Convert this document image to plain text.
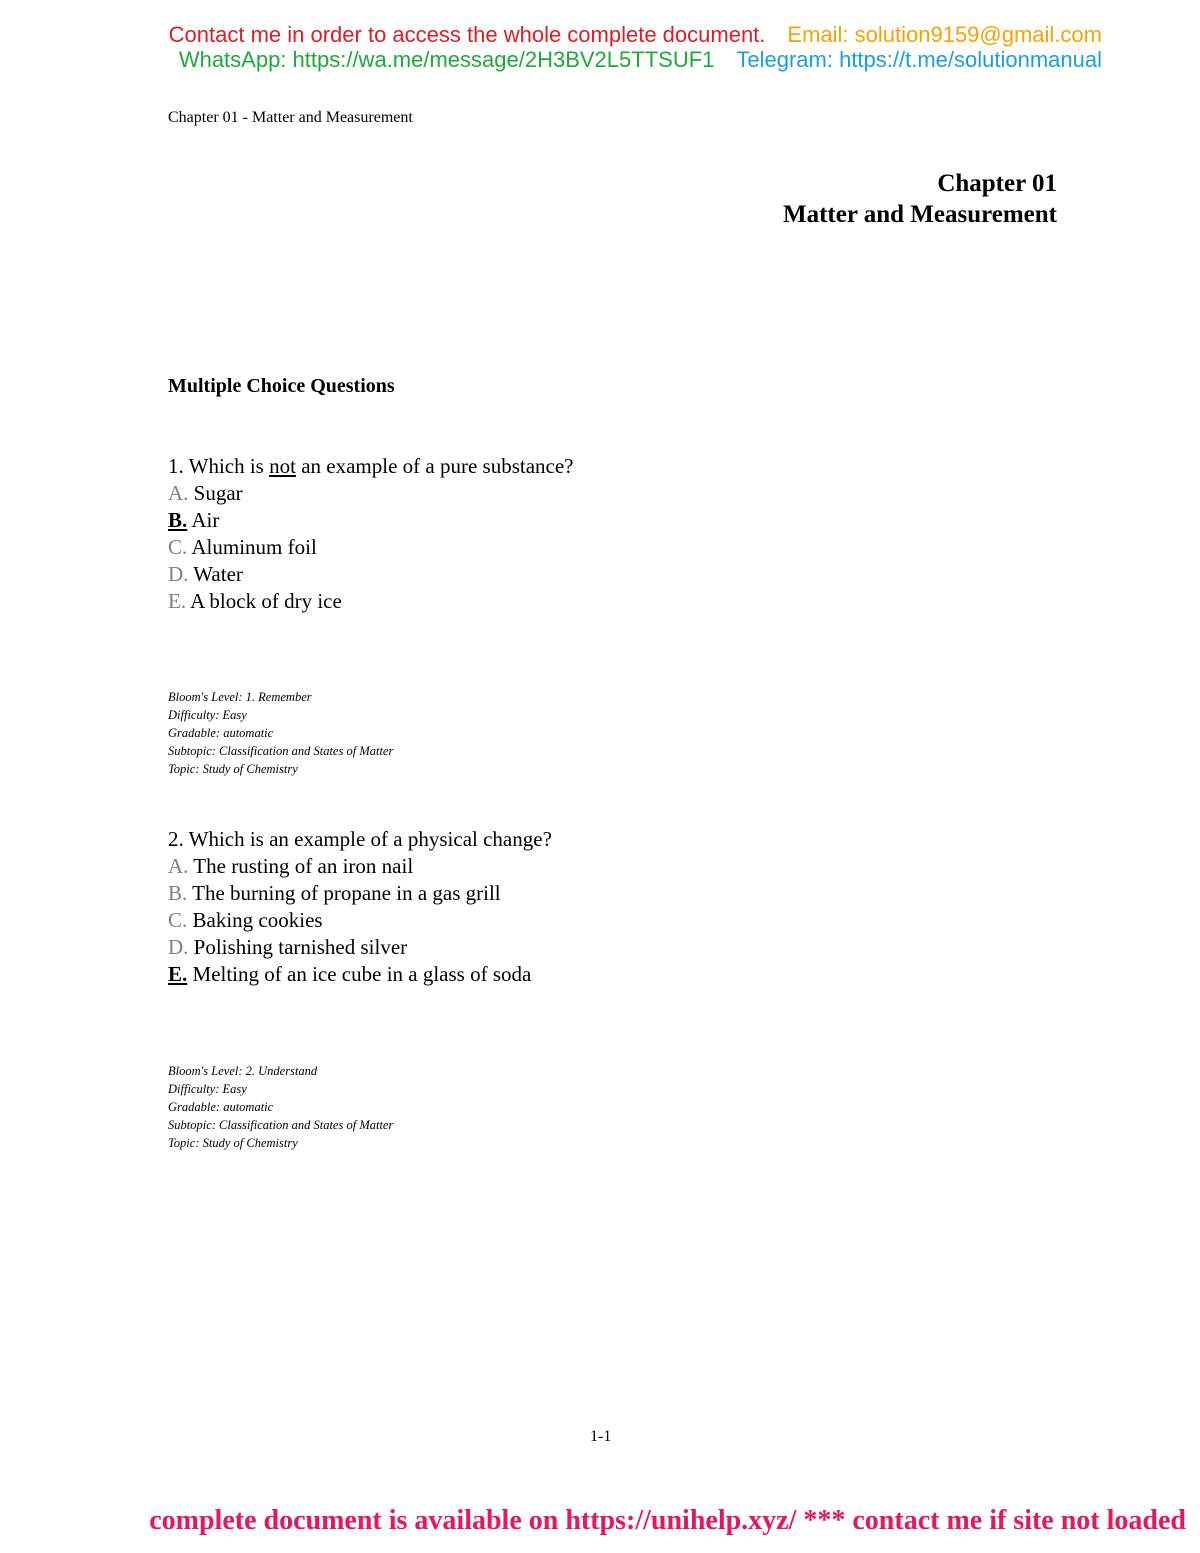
Contact me in order to access the whole complete document. Email: solution9159@gmail.com
WhatsApp: https://wa.me/message/2H3BV2L5TTSUF1 Telegram: https://t.me/solutionmanual
Chapter 01 - Matter and Measurement
Chapter 01
Matter and Measurement
Multiple Choice Questions
1. Which is not an example of a pure substance?
A. Sugar
B. Air
C. Aluminum foil
D. Water
E. A block of dry ice
Bloom's Level: 1. Remember
Difficulty: Easy
Gradable: automatic
Subtopic: Classification and States of Matter
Topic: Study of Chemistry
2. Which is an example of a physical change?
A. The rusting of an iron nail
B. The burning of propane in a gas grill
C. Baking cookies
D. Polishing tarnished silver
E. Melting of an ice cube in a glass of soda
Bloom's Level: 2. Understand
Difficulty: Easy
Gradable: automatic
Subtopic: Classification and States of Matter
Topic: Study of Chemistry
1-1
complete document is available on https://unihelp.xyz/ *** contact me if site not loaded
